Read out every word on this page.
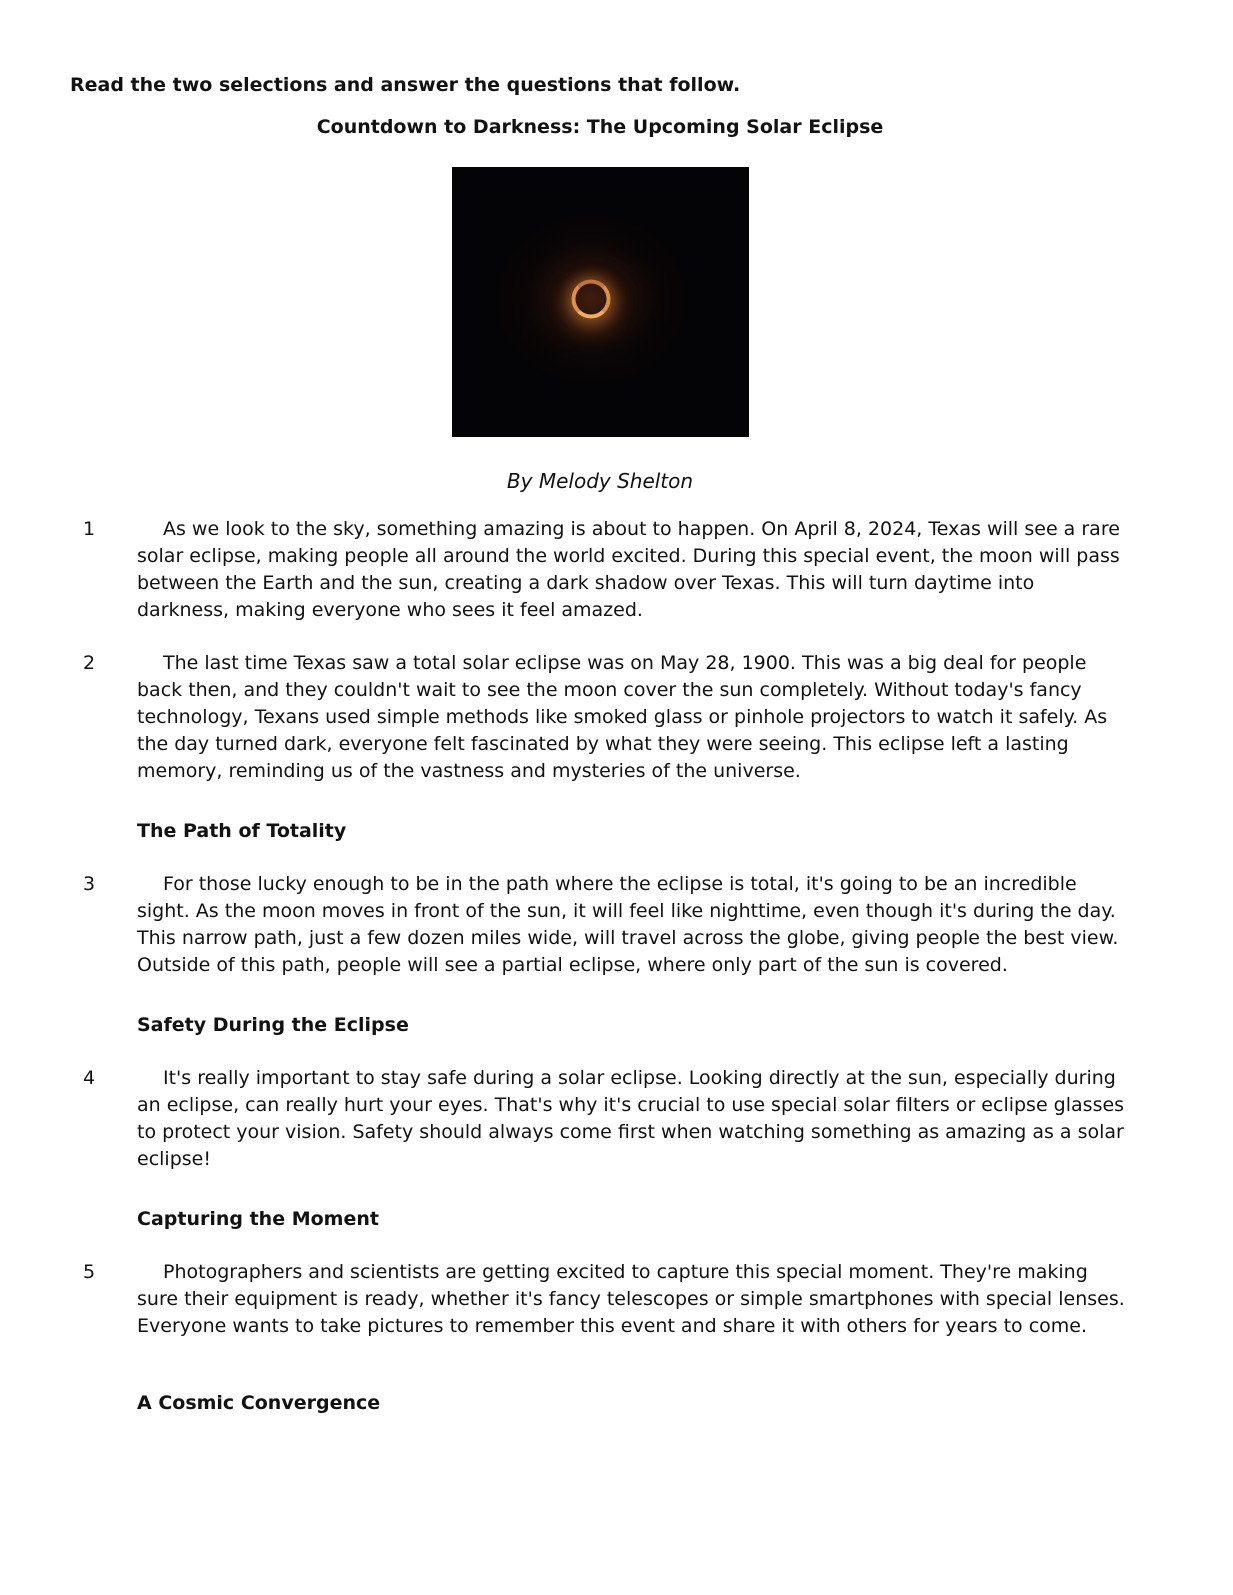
Read the two selections and answer the questions that follow.
Countdown to Darkness: The Upcoming Solar Eclipse
By Melody Shelton
1	As we look to the sky, something amazing is about to happen. On April 8, 2024, Texas will see a rare solar eclipse, making people all around the world excited. During this special event, the moon will pass between the Earth and the sun, creating a dark shadow over Texas. This will turn daytime into darkness, making everyone who sees it feel amazed.
2	The last time Texas saw a total solar eclipse was on May 28, 1900. This was a big deal for people back then, and they couldn't wait to see the moon cover the sun completely. Without today's fancy technology, Texans used simple methods like smoked glass or pinhole projectors to watch it safely. As the day turned dark, everyone felt fascinated by what they were seeing. This eclipse left a lasting memory, reminding us of the vastness and mysteries of the universe.
The Path of Totality
3	For those lucky enough to be in the path where the eclipse is total, it's going to be an incredible sight. As the moon moves in front of the sun, it will feel like nighttime, even though it's during the day. This narrow path, just a few dozen miles wide, will travel across the globe, giving people the best view. Outside of this path, people will see a partial eclipse, where only part of the sun is covered.
Safety During the Eclipse
4	It's really important to stay safe during a solar eclipse. Looking directly at the sun, especially during an eclipse, can really hurt your eyes. That's why it's crucial to use special solar filters or eclipse glasses to protect your vision. Safety should always come first when watching something as amazing as a solar eclipse!
Capturing the Moment
5	Photographers and scientists are getting excited to capture this special moment. They're making sure their equipment is ready, whether it's fancy telescopes or simple smartphones with special lenses. Everyone wants to take pictures to remember this event and share it with others for years to come.
A Cosmic Convergence
